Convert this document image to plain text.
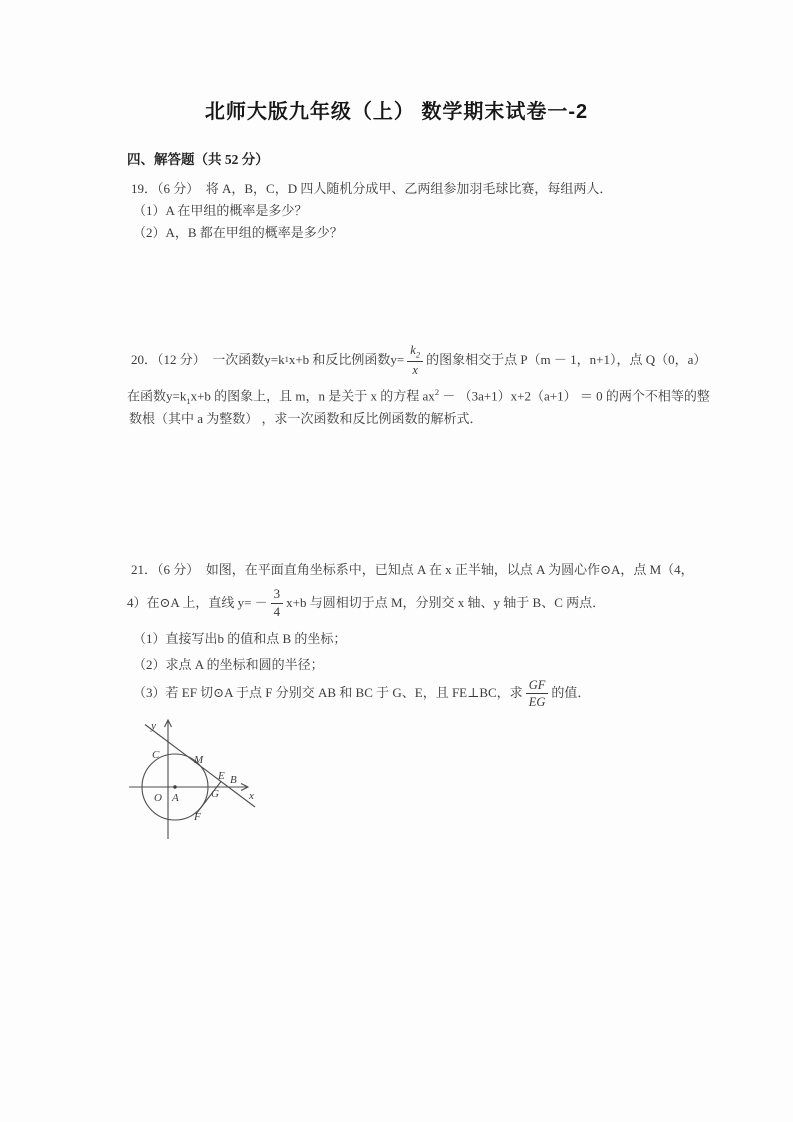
北师大版九年级（上） 数学期末试卷一-2
四、解答题（共 52 分）
19．（6 分）　将 A，B，C，D 四人随机分成甲、乙两组参加羽毛球比赛，每组两人．
（1）A 在甲组的概率是多少？
（2）A，B 都在甲组的概率是多少？
20．（12 分）　一次函数y=k 1 x+b 和反比例函数$y= \frac{k_2}{x}$ 的图象相交于点 P（m － 1，n+1），点 Q（0，a）
在函数$y=k_1x+b$ 的图象上，且 m，n 是关于 x 的方程 $ax^2 - (3a+1)x+2(a+1) = 0$ 的两个不相等的整
数根（其中 a 为整数） ，求一次函数和反比例函数的解析式．
21．（6 分）　如图，在平面直角坐标系中，已知点 A 在 x 正半轴，以点 A 为圆心作⊙A，点 M（4，
4）在⊙A 上，直线 $y= - \frac{3}{4} x+b$ 与圆相切于点 M，分别交 x 轴、y 轴于 B、C 两点．
（1）直接写出b 的值和点 B 的坐标；
（2）求点 A 的坐标和圆的半径；
（3）若 EF 切⊙A 于点 F 分别交 AB 和 BC 于 G、E，且 FE⊥BC，求 $\frac{GF}{EG}$ 的值．
y
x
O A
C	M
E B
G
F
